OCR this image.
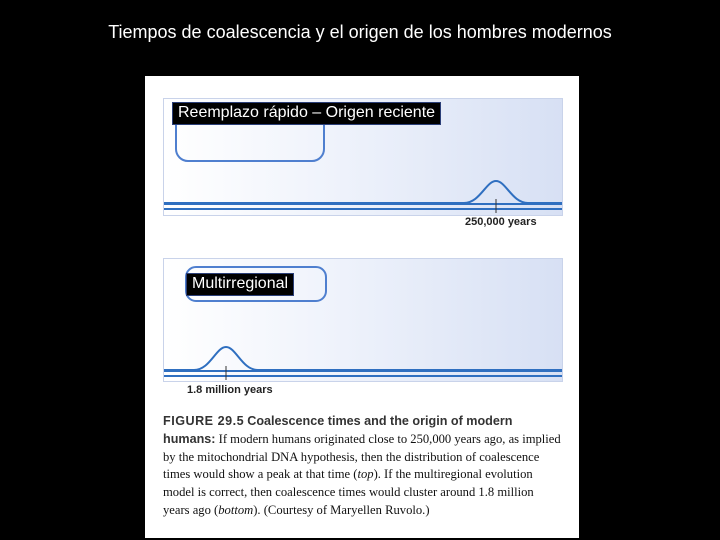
Tiempos de coalescencia y el origen de los hombres modernos
250,000 years
1.8 million years
FIGURE 29.5 Coalescence times and the origin of modern humans: If modern humans originated close to 250,000 years ago, as implied by the mitochondrial DNA hypothesis, then the distribution of coalescence times would show a peak at that time (top). If the multiregional evolution model is correct, then coalescence times would cluster around 1.8 million years ago (bottom). (Courtesy of Maryellen Ruvolo.)
Reemplazo rápido – Origen reciente
Multirregional
